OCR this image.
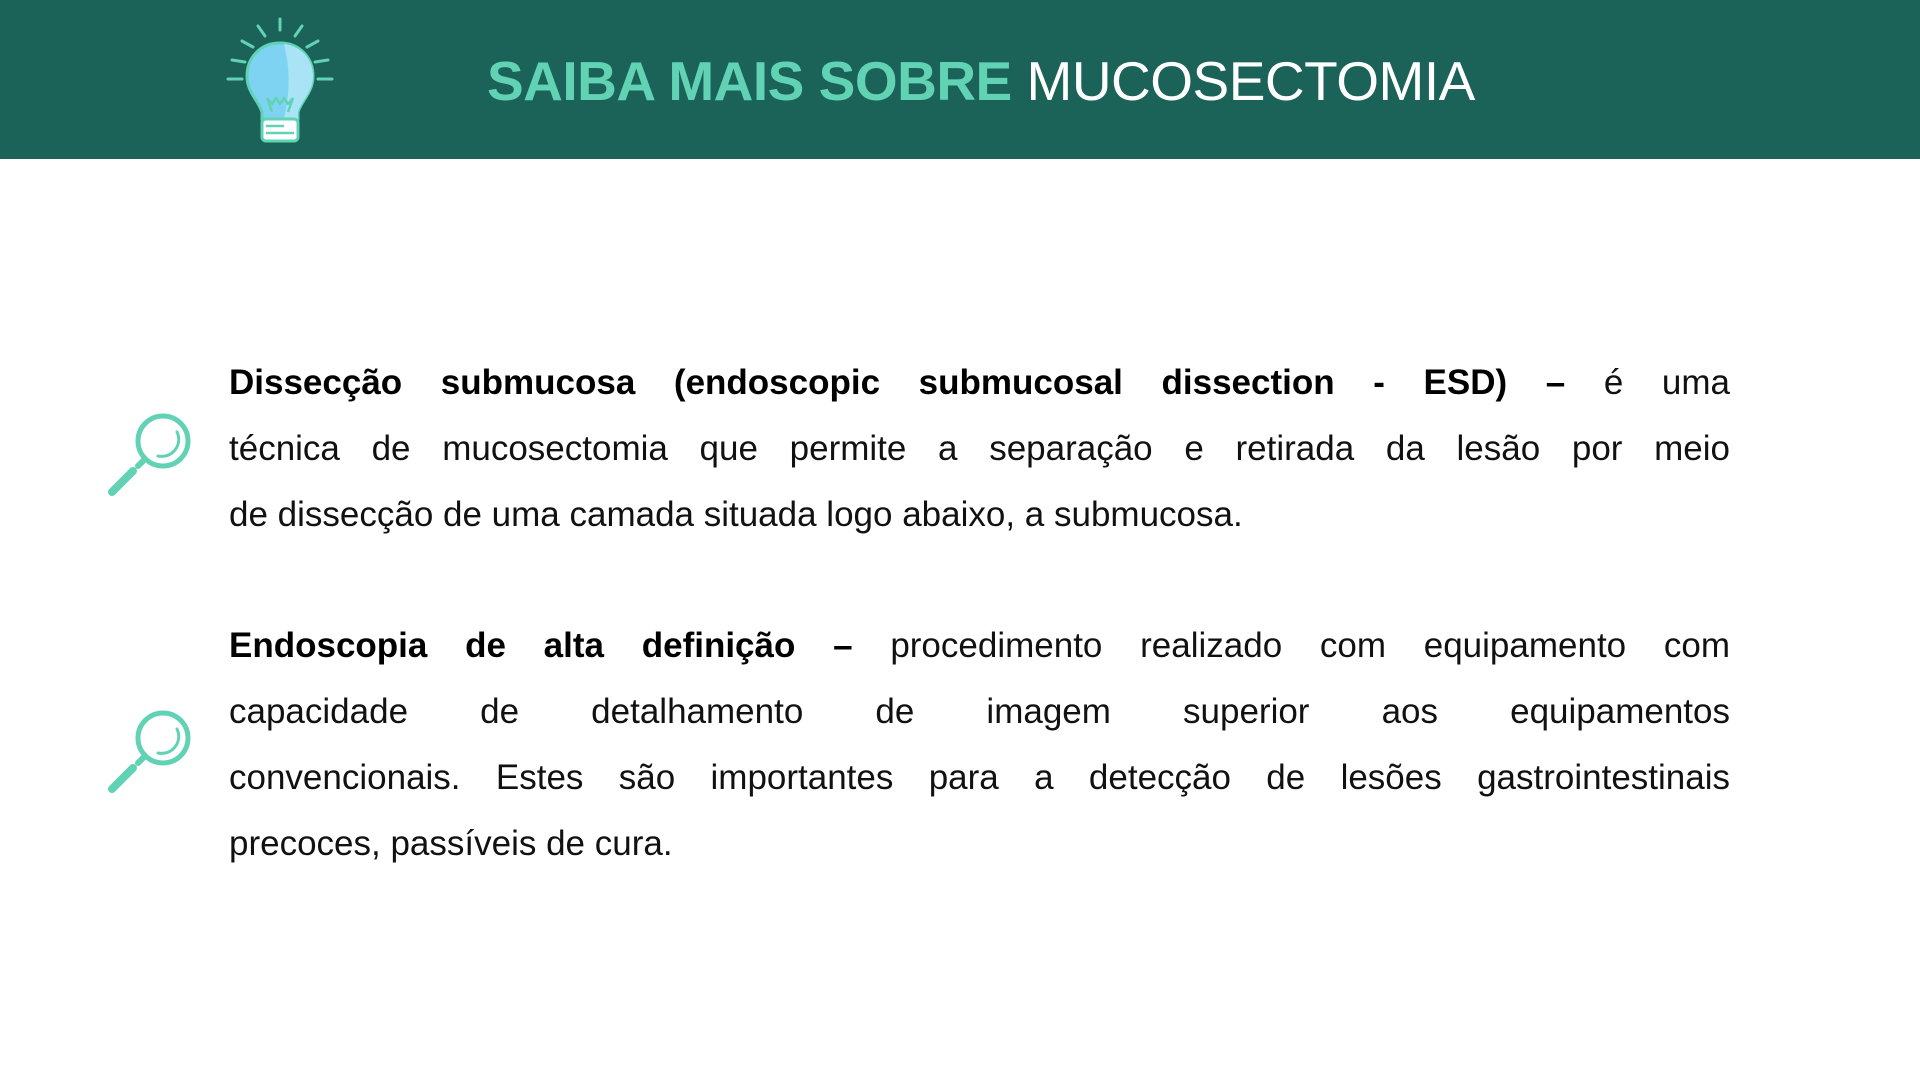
SAIBA MAIS SOBRE MUCOSECTOMIA
Dissecção submucosa (endoscopic submucosal dissection - ESD) – é uma
técnica de mucosectomia que permite a separação e retirada da lesão por meio
de dissecção de uma camada situada logo abaixo, a submucosa.
Endoscopia de alta definição – procedimento realizado com equipamento com
capacidade de detalhamento de imagem superior aos equipamentos
convencionais. Estes são importantes para a detecção de lesões gastrointestinais
precoces, passíveis de cura.
